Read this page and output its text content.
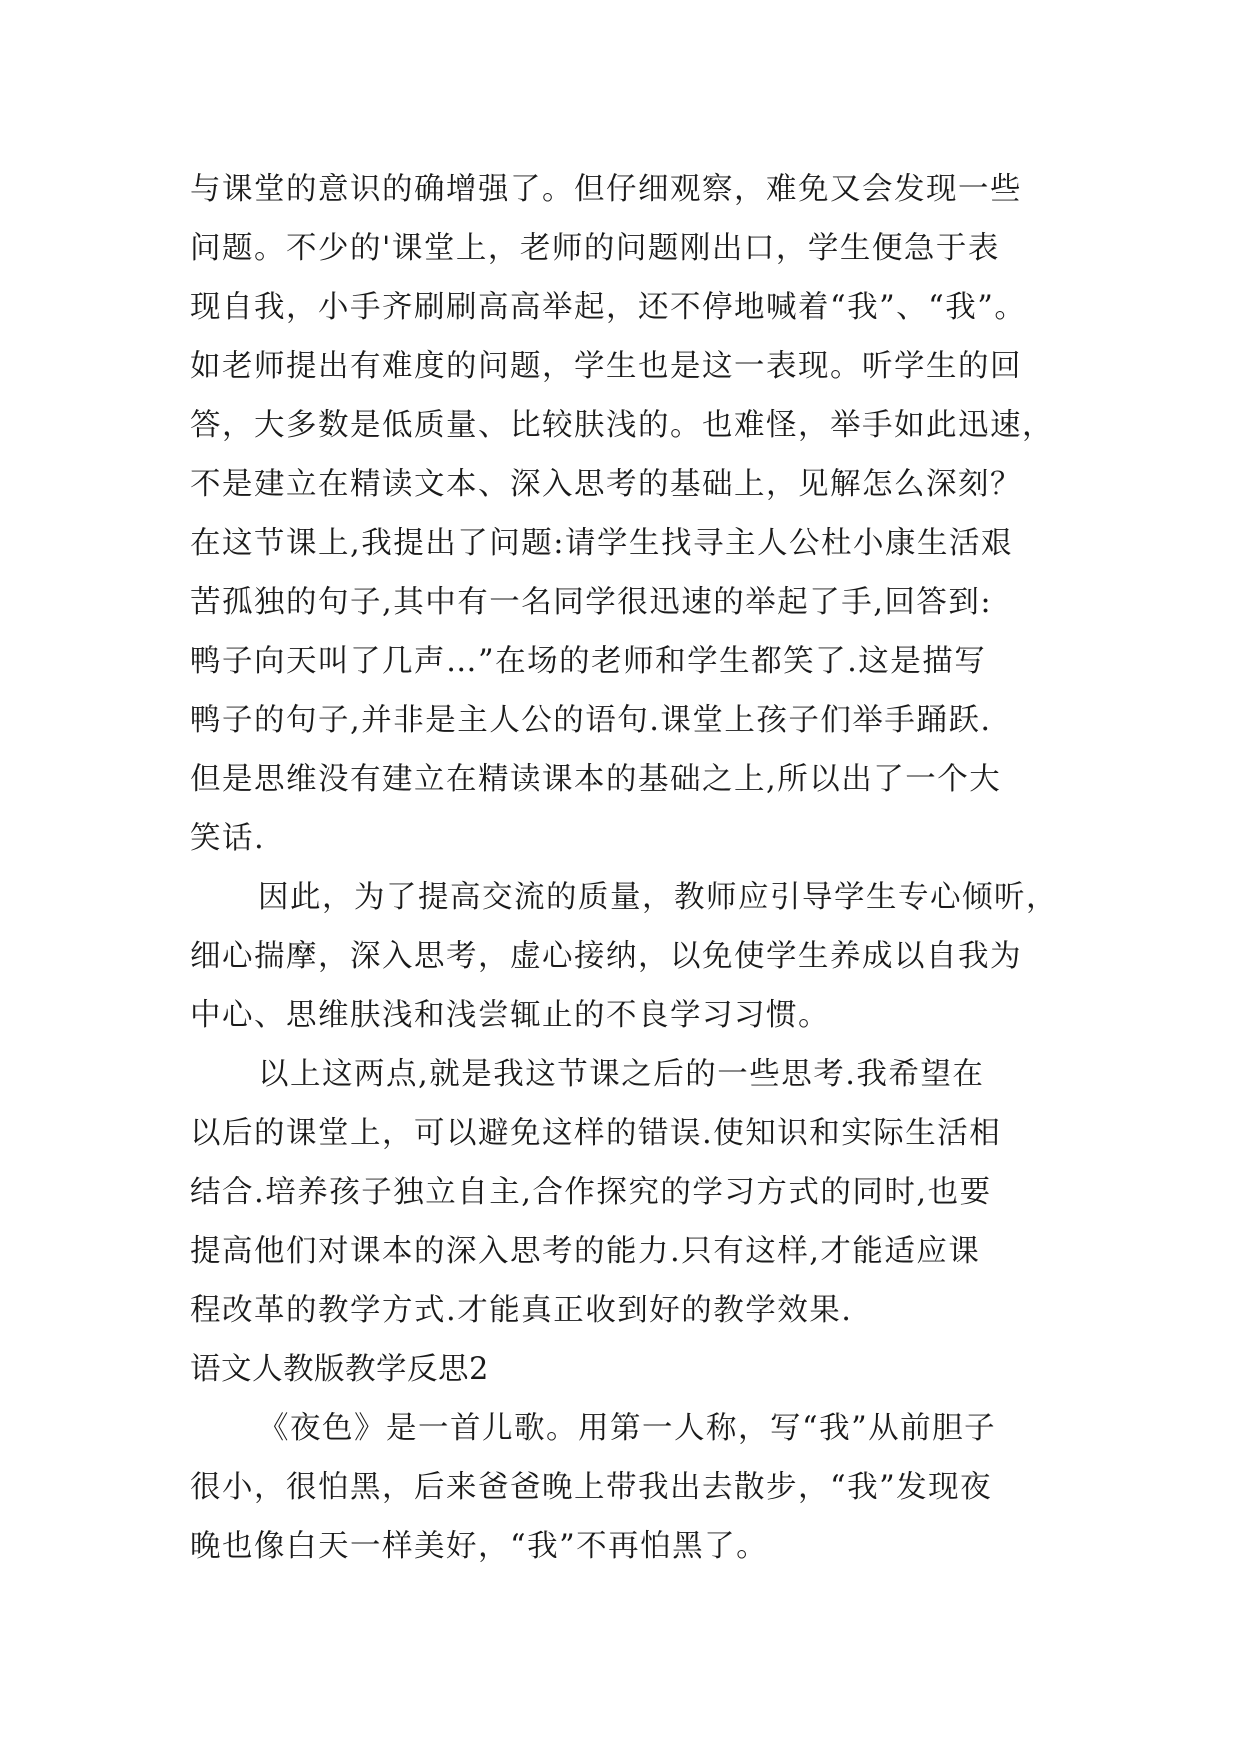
与课堂的意识的确增强了。但仔细观察，难免又会发现一些
问题。不少的'课堂上，老师的问题刚出口，学生便急于表
现自我，小手齐刷刷高高举起，还不停地喊着“我”、“我”。
如老师提出有难度的问题，学生也是这一表现。听学生的回
答，大多数是低质量、比较肤浅的。也难怪，举手如此迅速，
不是建立在精读文本、深入思考的基础上，见解怎么深刻？
在这节课上,我提出了问题:请学生找寻主人公杜小康生活艰
苦孤独的句子,其中有一名同学很迅速的举起了手,回答到:
鸭子向天叫了几声…”在场的老师和学生都笑了.这是描写
鸭子的句子,并非是主人公的语句.课堂上孩子们举手踊跃.
但是思维没有建立在精读课本的基础之上,所以出了一个大
笑话.
因此，为了提高交流的质量，教师应引导学生专心倾听，
细心揣摩，深入思考，虚心接纳，以免使学生养成以自我为
中心、思维肤浅和浅尝辄止的不良学习习惯。
以上这两点,就是我这节课之后的一些思考.我希望在
以后的课堂上，可以避免这样的错误.使知识和实际生活相
结合.培养孩子独立自主,合作探究的学习方式的同时,也要
提高他们对课本的深入思考的能力.只有这样,才能适应课
程改革的教学方式.才能真正收到好的教学效果.
语文人教版教学反思2
《夜色》是一首儿歌。用第一人称，写“我”从前胆子
很小，很怕黑，后来爸爸晚上带我出去散步，“我”发现夜
晚也像白天一样美好，“我”不再怕黑了。
